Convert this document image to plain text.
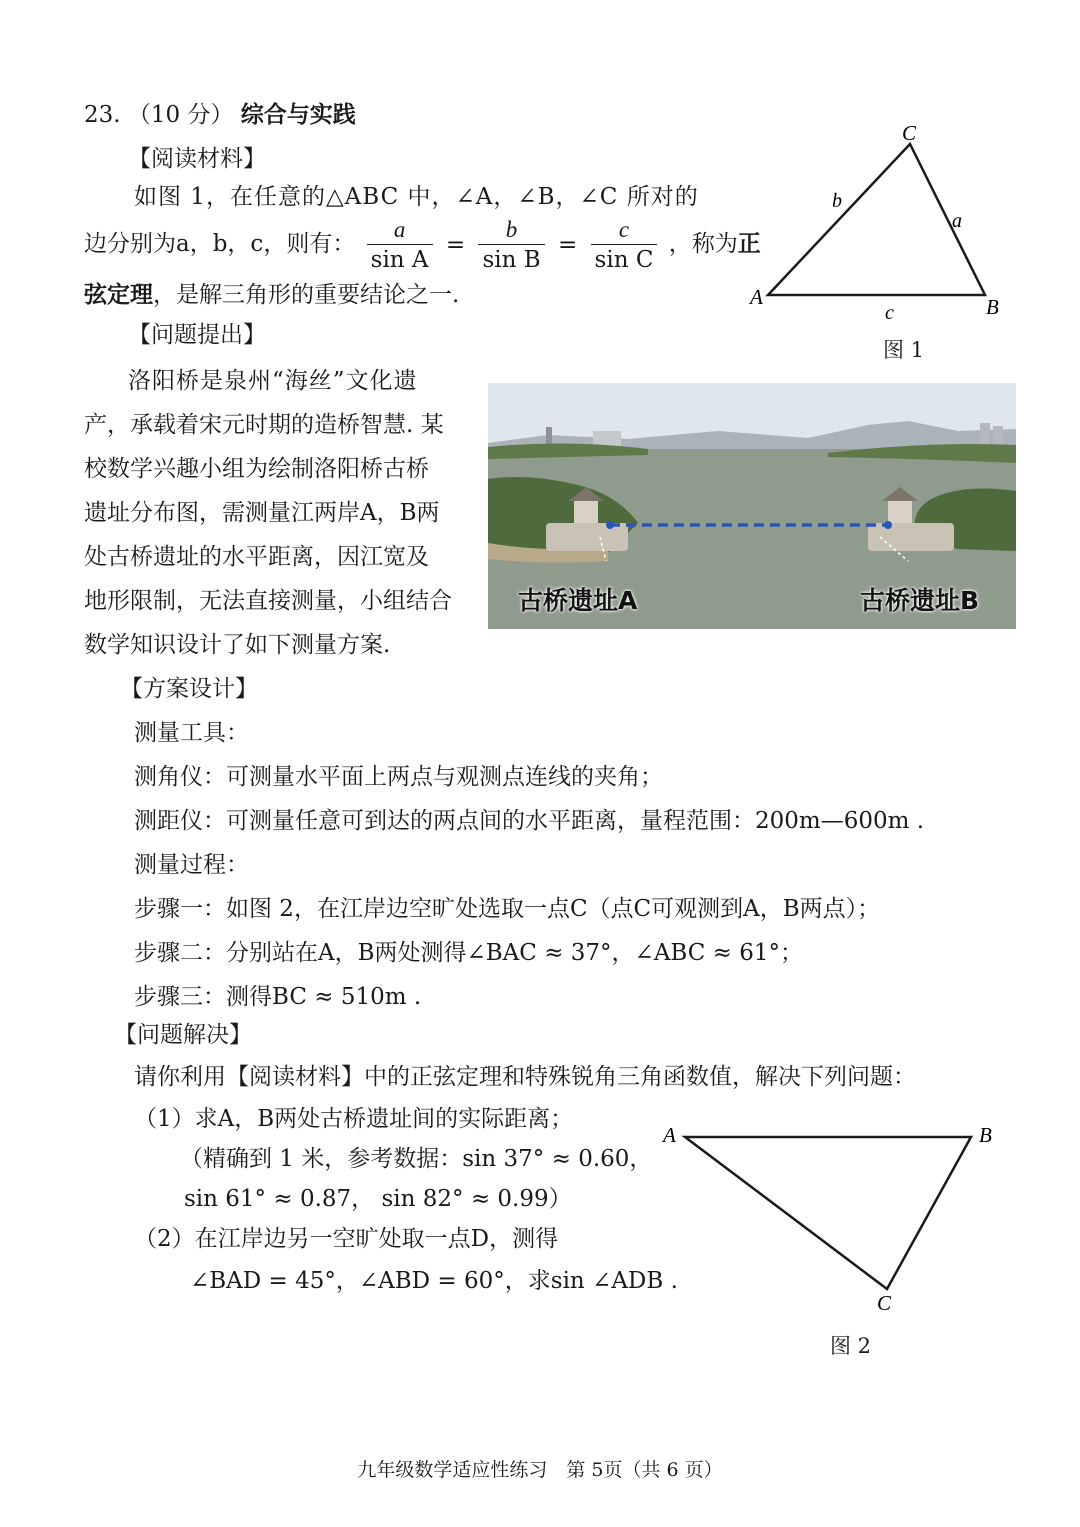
23. （10 分） 综合与实践
【阅读材料】
如图 1，在任意的△ABC 中，∠A，∠B，∠C 所对的
边分别为a，b，c，则有： $\frac{a}{\text{sin A}} = \frac{b}{\text{sin B}} = \frac{c}{\text{sin C}}$ ，称为正
弦定理，是解三角形的重要结论之一.
C
A	B
b
a
c
图 1
【问题提出】
洛阳桥是泉州“海丝”文化遗
产，承载着宋元时期的造桥智慧. 某
校数学兴趣小组为绘制洛阳桥古桥
遗址分布图，需测量江两岸A，B两
处古桥遗址的水平距离，因江宽及
地形限制，无法直接测量，小组结合
数学知识设计了如下测量方案.
古桥遗址A	古桥遗址B
【方案设计】
测量工具：
测角仪：可测量水平面上两点与观测点连线的夹角；
测距仪：可测量任意可到达的两点间的水平距离，量程范围：200m—600m .
测量过程：
步骤一：如图 2，在江岸边空旷处选取一点C（点C可观测到A，B两点）；
步骤二：分别站在A，B两处测得∠BAC ≈ 37°，∠ABC ≈ 61°；
步骤三：测得BC ≈ 510m .
【问题解决】
请你利用【阅读材料】中的正弦定理和特殊锐角三角函数值，解决下列问题：
（1）求A，B两处古桥遗址间的实际距离；
（精确到 1 米，参考数据：sin 37° ≈ 0.60，
sin 61° ≈ 0.87， sin 82° ≈ 0.99）
（2）在江岸边另一空旷处取一点D，测得
∠BAD = 45°，∠ABD = 60°，求sin ∠ADB .
A	B
C
图 2
九年级数学适应性练习　第 5页（共 6 页）
